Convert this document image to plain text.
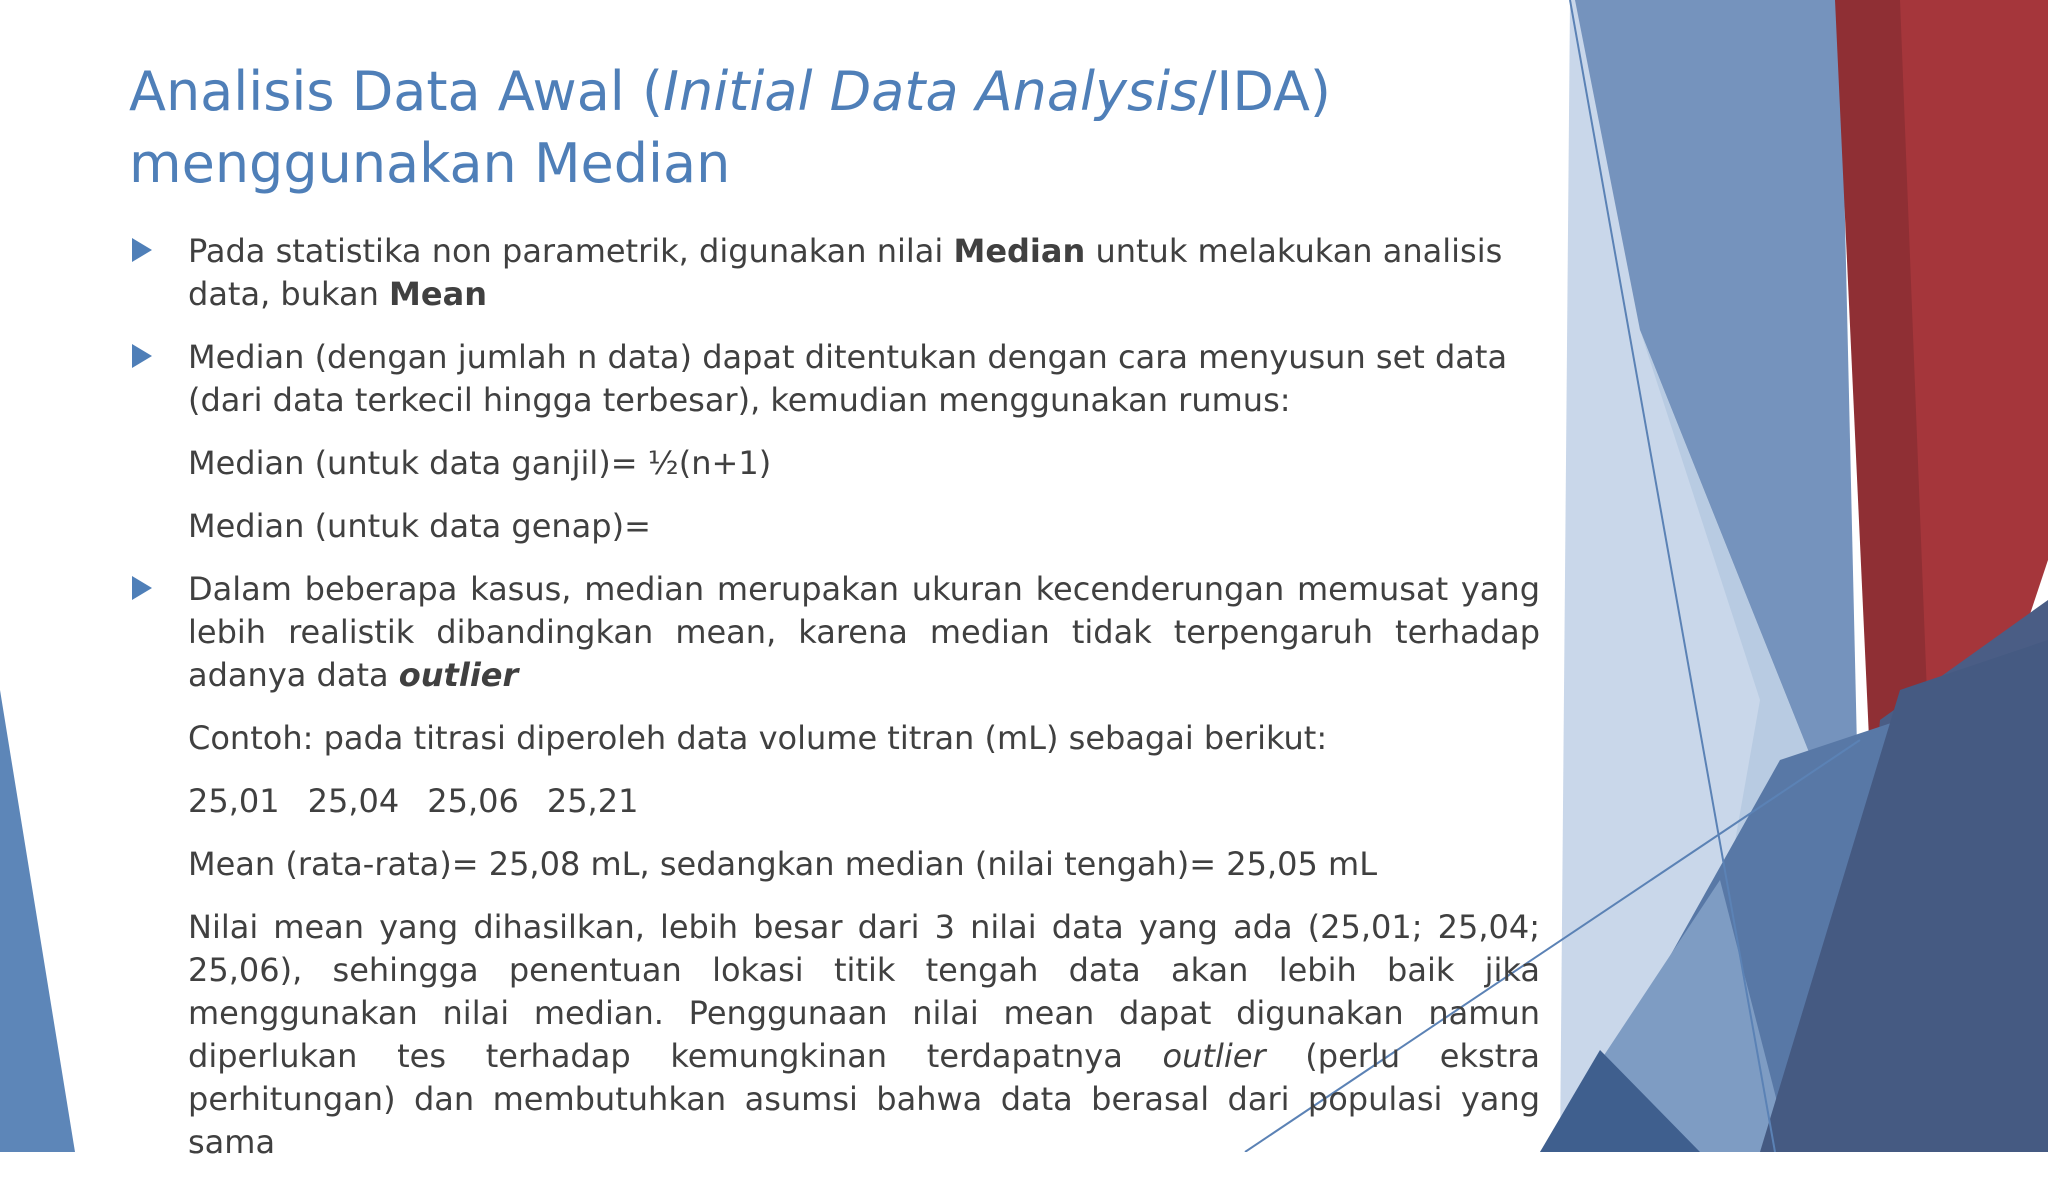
Analisis Data Awal (Initial Data Analysis/IDA)
menggunakan Median
Pada statistika non parametrik, digunakan nilai Median untuk melakukan analisis data, bukan Mean
Median (dengan jumlah n data) dapat ditentukan dengan cara menyusun set data (dari data terkecil hingga terbesar), kemudian menggunakan rumus:
Median (untuk data ganjil)= ½(n+1)
Median (untuk data genap)=
Dalam beberapa kasus, median merupakan ukuran kecenderungan memusat yang lebih realistik dibandingkan mean, karena median tidak terpengaruh terhadap adanya data outlier
Contoh: pada titrasi diperoleh data volume titran (mL) sebagai berikut:
25,01 25,04 25,06 25,21
Mean (rata-rata)= 25,08 mL, sedangkan median (nilai tengah)= 25,05 mL
Nilai mean yang dihasilkan, lebih besar dari 3 nilai data yang ada (25,01; 25,04; 25,06), sehingga penentuan lokasi titik tengah data akan lebih baik jika menggunakan nilai median. Penggunaan nilai mean dapat digunakan namun diperlukan tes terhadap kemungkinan terdapatnya outlier (perlu ekstra perhitungan) dan membutuhkan asumsi bahwa data berasal dari populasi yang sama
